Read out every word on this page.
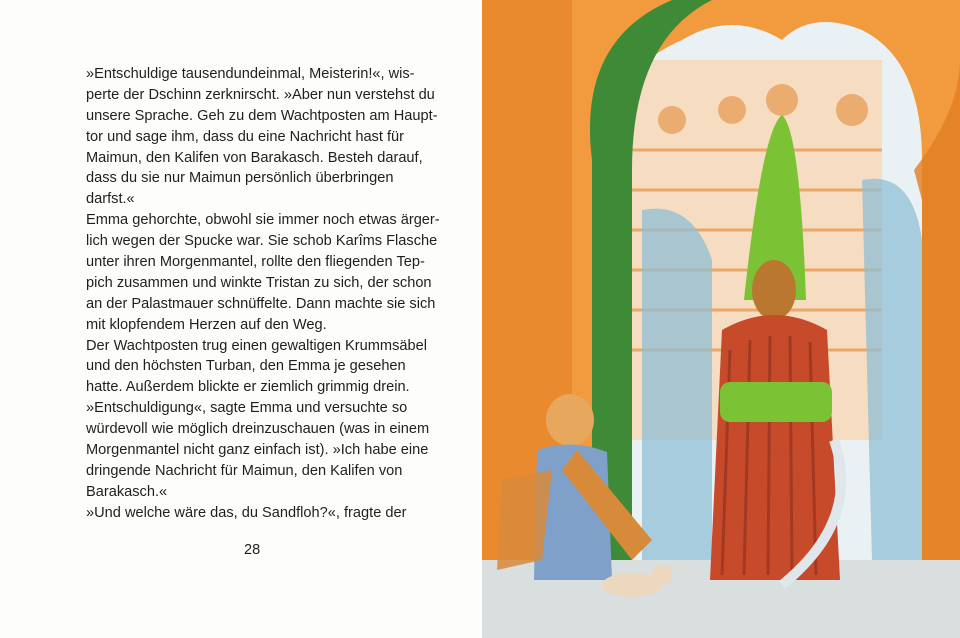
»Entschuldige tausendundeinmal, Meisterin!«, wis-
perte der Dschinn zerknirscht. »Aber nun verstehst du
unsere Sprache. Geh zu dem Wachtposten am Haupt-
tor und sage ihm, dass du eine Nachricht hast für
Maimun, den Kalifen von Barakasch. Besteh darauf,
dass du sie nur Maimun persönlich überbringen
darfst.«
Emma gehorchte, obwohl sie immer noch etwas ärger-
lich wegen der Spucke war. Sie schob Karîms Flasche
unter ihren Morgenmantel, rollte den fliegenden Tep-
pich zusammen und winkte Tristan zu sich, der schon
an der Palastmauer schnüffelte. Dann machte sie sich
mit klopfendem Herzen auf den Weg.
Der Wachtposten trug einen gewaltigen Krummsäbel
und den höchsten Turban, den Emma je gesehen
hatte. Außerdem blickte er ziemlich grimmig drein.
»Entschuldigung«, sagte Emma und versuchte so
würdevoll wie möglich dreinzuschauen (was in einem
Morgenmantel nicht ganz einfach ist). »Ich habe eine
dringende Nachricht für Maimun, den Kalifen von
Barakasch.«
»Und welche wäre das, du Sandfloh?«, fragte der
28
